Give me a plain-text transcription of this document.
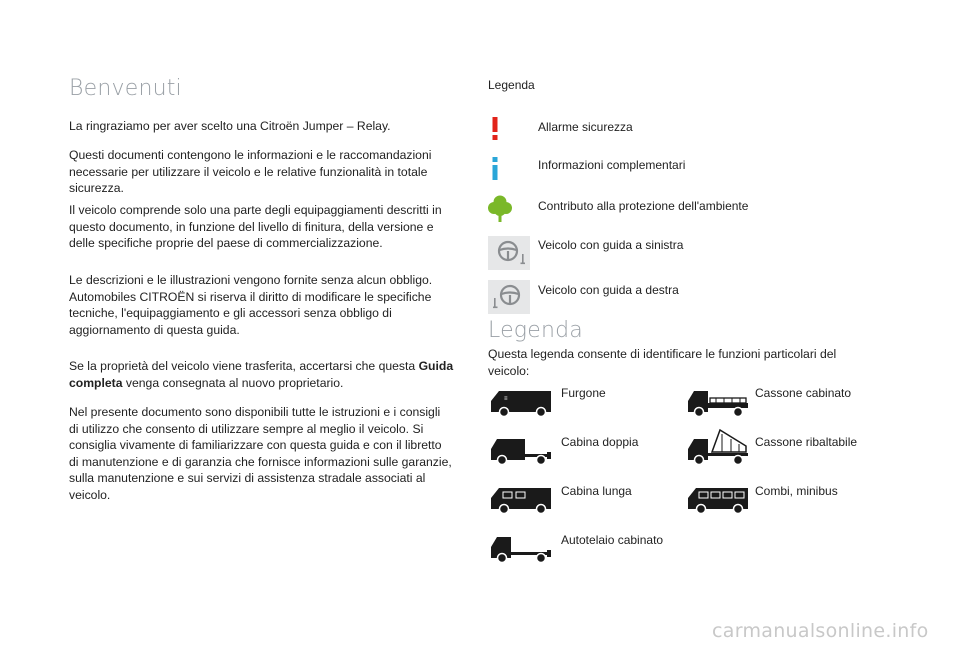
Benvenuti
La ringraziamo per aver scelto una Citroën Jumper – Relay.
Questi documenti contengono le informazioni e le raccomandazioni
necessarie per utilizzare il veicolo e le relative funzionalità in totale
sicurezza.
Il veicolo comprende solo una parte degli equipaggiamenti descritti in
questo documento, in funzione del livello di finitura, della versione e
delle specifiche proprie del paese di commercializzazione.
Le descrizioni e le illustrazioni vengono fornite senza alcun obbligo.
Automobiles CITROËN si riserva il diritto di modificare le specifiche
tecniche, l'equipaggiamento e gli accessori senza obbligo di
aggiornamento di questa guida.
Se la proprietà del veicolo viene trasferita, accertarsi che questa Guida
completa venga consegnata al nuovo proprietario.
Nel presente documento sono disponibili tutte le istruzioni e i consigli
di utilizzo che consento di utilizzare sempre al meglio il veicolo. Si
consiglia vivamente di familiarizzare con questa guida e con il libretto
di manutenzione e di garanzia che fornisce informazioni sulle garanzie,
sulla manutenzione e sui servizi di assistenza stradale associati al
veicolo.
Legenda
Allarme sicurezza
Informazioni complementari
Contributo alla protezione dell'ambiente
Veicolo con guida a sinistra
Veicolo con guida a destra
Legenda
Questa legenda consente di identificare le funzioni particolari del
veicolo:
≡	Furgone	Cassone cabinato
Cabina doppia	Cassone ribaltabile
Cabina lunga	Combi, minibus
Autotelaio cabinato
carmanualsonline.info
